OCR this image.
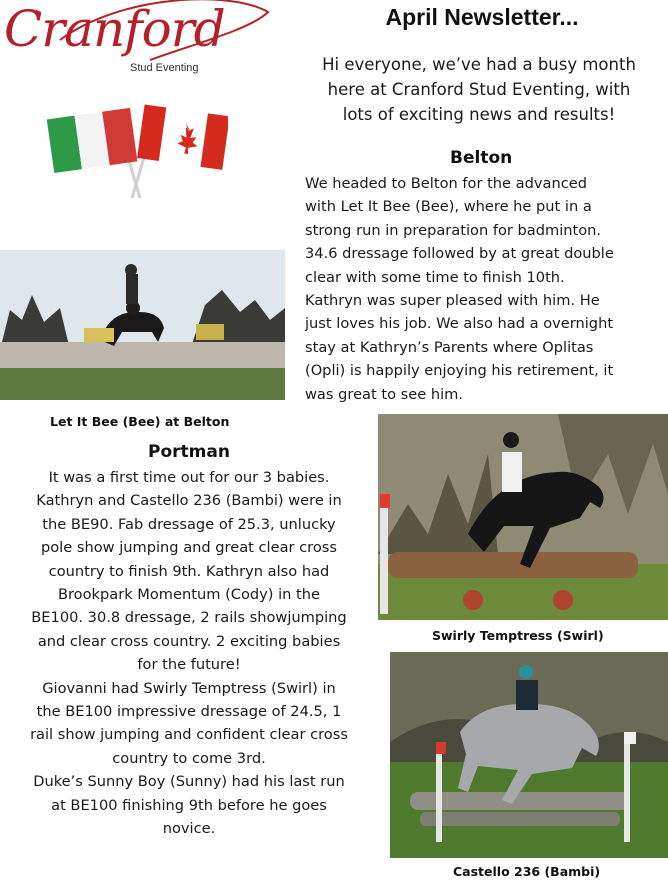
Cranford
Stud Eventing
April Newsletter...
Hi everyone, we’ve had a busy month
here at Cranford Stud Eventing, with
lots of exciting news and results!
Belton
We headed to Belton for the advanced
with Let It Bee (Bee), where he put in a
strong run in preparation for badminton.
34.6 dressage followed by at great double
clear with some time to finish 10th.
Kathryn was super pleased with him. He
just loves his job. We also had a overnight
stay at Kathryn’s Parents where Oplitas
(Opli) is happily enjoying his retirement, it
was great to see him.
Let It Bee (Bee) at Belton
Portman
It was a first time out for our 3 babies.
Kathryn and Castello 236 (Bambi) were in
the BE90. Fab dressage of 25.3, unlucky
pole show jumping and great clear cross
country to finish 9th. Kathryn also had
Brookpark Momentum (Cody) in the
BE100. 30.8 dressage, 2 rails showjumping
and clear cross country. 2 exciting babies
for the future!
Giovanni had Swirly Temptress (Swirl) in
the BE100 impressive dressage of 24.5, 1
rail show jumping and confident clear cross
country to come 3rd.
Duke’s Sunny Boy (Sunny) had his last run
at BE100 finishing 9th before he goes
novice.
Swirly Temptress (Swirl)
Castello 236 (Bambi)
